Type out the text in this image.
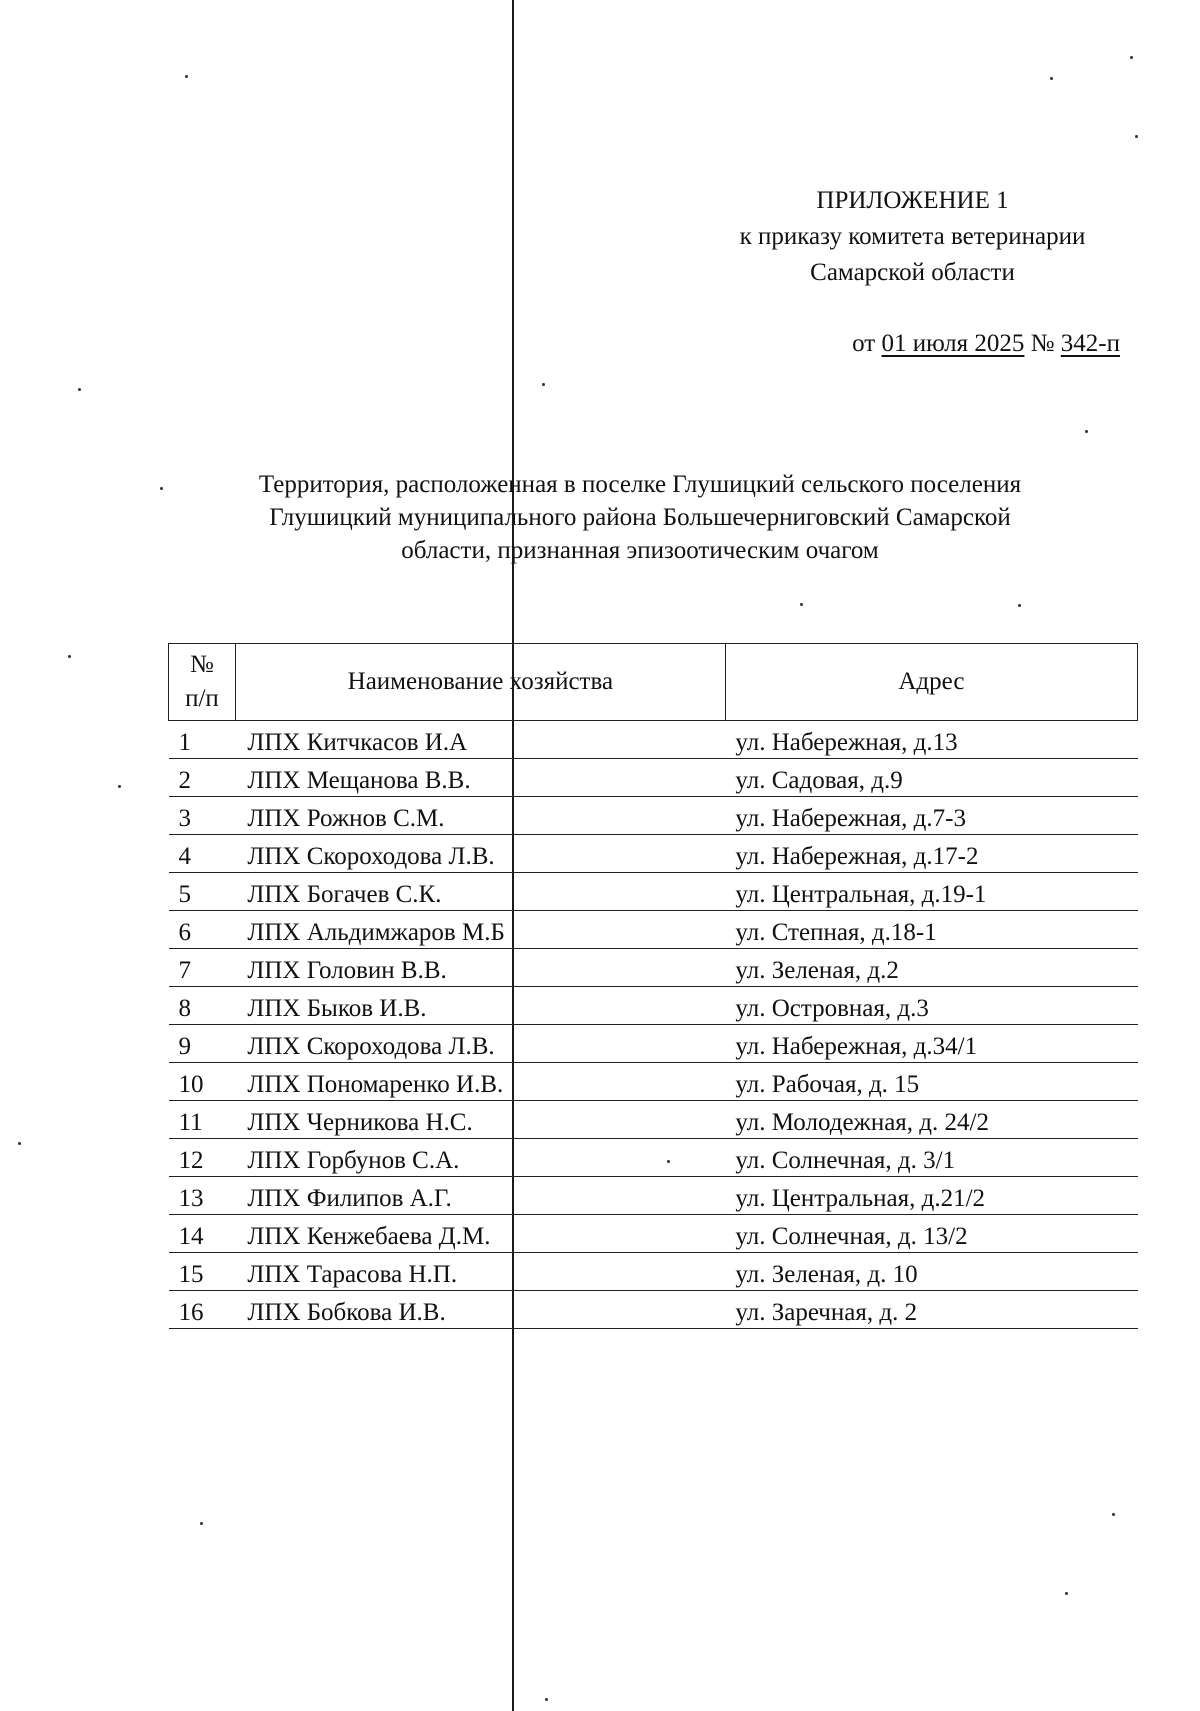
ПРИЛОЖЕНИЕ 1
к приказу комитета ветеринарии
Самарской области
от 01 июля 2025 № 342-п
Территория, расположенная в поселке Глушицкий сельского поселения
Глушицкий муниципального района Большечерниговский Самарской
области, признанная эпизоотическим очагом
№
п/п	Наименование хозяйства	Адрес
1	ЛПХ Китчкасов И.А	ул. Набережная, д.13
2	ЛПХ Мещанова В.В.	ул. Садовая, д.9
3	ЛПХ Рожнов С.М.	ул. Набережная, д.7-3
4	ЛПХ Скороходова Л.В.	ул. Набережная, д.17-2
5	ЛПХ Богачев С.К.	ул. Центральная, д.19-1
6	ЛПХ Альдимжаров М.Б	ул. Степная, д.18-1
7	ЛПХ Головин В.В.	ул. Зеленая, д.2
8	ЛПХ Быков И.В.	ул. Островная, д.3
9	ЛПХ Скороходова Л.В.	ул. Набережная, д.34/1
10	ЛПХ Пономаренко И.В.	ул. Рабочая, д. 15
11	ЛПХ Черникова Н.С.	ул. Молодежная, д. 24/2
12	ЛПХ Горбунов С.А.	ул. Солнечная, д. 3/1
13	ЛПХ Филипов А.Г.	ул. Центральная, д.21/2
14	ЛПХ Кенжебаева Д.М.	ул. Солнечная, д. 13/2
15	ЛПХ Тарасова Н.П.	ул. Зеленая, д. 10
16	ЛПХ Бобкова И.В.	ул. Заречная, д. 2
